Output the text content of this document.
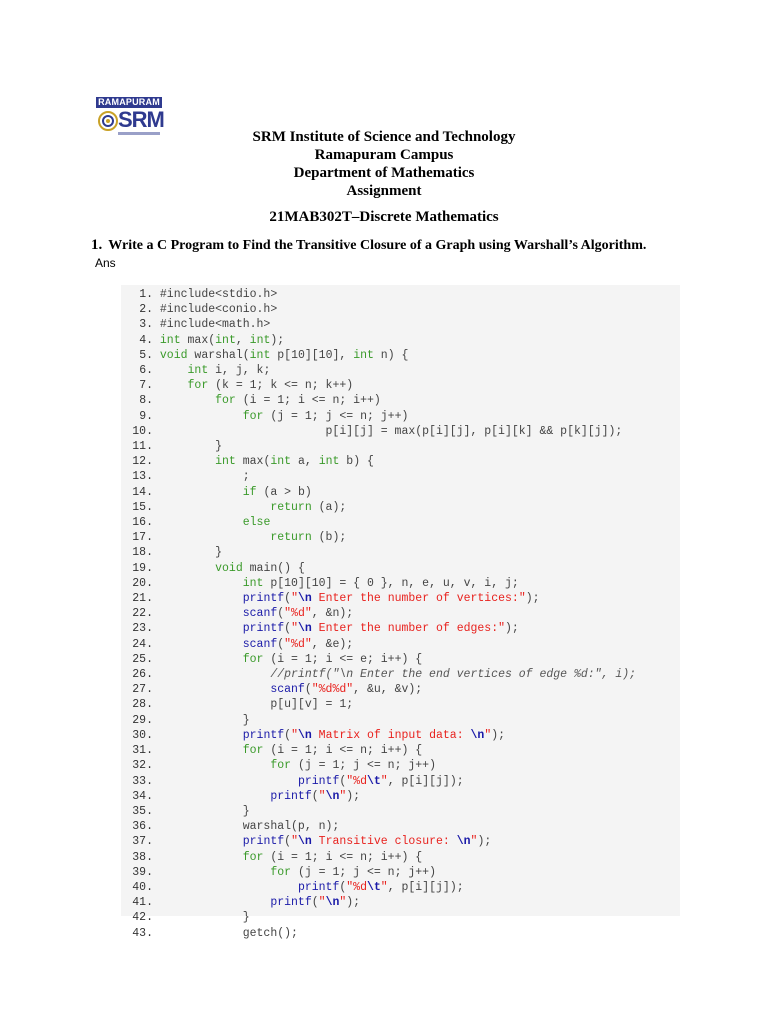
RAMAPURAM
SRM
SRM Institute of Science and Technology
Ramapuram Campus
Department of Mathematics
Assignment
21MAB302T–Discrete Mathematics
1. Write a C Program to Find the Transitive Closure of a Graph using Warshall’s Algorithm.
Ans
1. #include<stdio.h>
2. #include<conio.h>
3. #include<math.h>
4. int max(int, int);
5. void warshal(int p[10][10], int n) {
6.	int i, j, k;
7.	for (k = 1; k <= n; k++)
8.	for (i = 1; i <= n; i++)
9.	for (j = 1; j <= n; j++)
10.                         p[i][j] = max(p[i][j], p[i][k] && p[k][j]);
11.         }
12.	int max(int a, int b) {
13.             ;
14.	if (a > b)
15.	return (a);
16.	else
17.	return (b);
18.         }
19.	void main() {
20.	int p[10][10] = { 0 }, n, e, u, v, i, j;
21.	printf("\n Enter the number of vertices:");
22.	scanf("%d", &n);
23.	printf("\n Enter the number of edges:");
24.	scanf("%d", &e);
25.	for (i = 1; i <= e; i++) {
26.	//printf("\n Enter the end vertices of edge %d:", i);
27.	scanf("%d%d", &u, &v);
28.                 p[u][v] = 1;
29.             }
30.	printf("\n Matrix of input data: \n");
31.	for (i = 1; i <= n; i++) {
32.	for (j = 1; j <= n; j++)
33.	printf("%d\t", p[i][j]);
34.	printf("\n");
35.             }
36.             warshal(p, n);
37.	printf("\n Transitive closure: \n");
38.	for (i = 1; i <= n; i++) {
39.	for (j = 1; j <= n; j++)
40.	printf("%d\t", p[i][j]);
41.	printf("\n");
42.             }
43.             getch();
